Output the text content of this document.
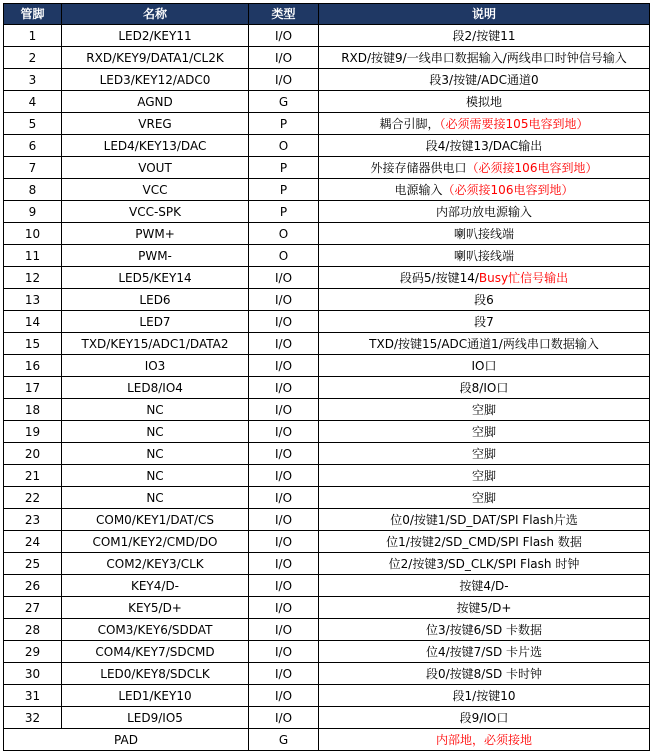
管脚	名称	类型	说明
1	LED2/KEY11	I/O	段2/按键11
2	RXD/KEY9/DATA1/CL2K	I/O	RXD/按键9/一线串口数据输入/两线串口时钟信号输入
3	LED3/KEY12/ADC0	I/O	段3/按键/ADC通道0
4	AGND	G	模拟地
5	VREG	P	耦合引脚，（必须需要接105电容到地）
6	LED4/KEY13/DAC	O	段4/按键13/DAC输出
7	VOUT	P	外接存储器供电口（必须接106电容到地）
8	VCC	P	电源输入（必须接106电容到地）
9	VCC-SPK	P	内部功放电源输入
10	PWM+	O	喇叭接线端
11	PWM-	O	喇叭接线端
12	LED5/KEY14	I/O	段码5/按键14/Busy忙信号输出
13	LED6	I/O	段6
14	LED7	I/O	段7
15	TXD/KEY15/ADC1/DATA2	I/O	TXD/按键15/ADC通道1/两线串口数据输入
16	IO3	I/O	IO口
17	LED8/IO4	I/O	段8/IO口
18	NC	I/O	空脚
19	NC	I/O	空脚
20	NC	I/O	空脚
21	NC	I/O	空脚
22	NC	I/O	空脚
23	COM0/KEY1/DAT/CS	I/O	位0/按键1/SD_DAT/SPI Flash片选
24	COM1/KEY2/CMD/DO	I/O	位1/按键2/SD_CMD/SPI Flash 数据
25	COM2/KEY3/CLK	I/O	位2/按键3/SD_CLK/SPI Flash 时钟
26	KEY4/D-	I/O	按键4/D-
27	KEY5/D+	I/O	按键5/D+
28	COM3/KEY6/SDDAT	I/O	位3/按键6/SD 卡数据
29	COM4/KEY7/SDCMD	I/O	位4/按键7/SD 卡片选
30	LED0/KEY8/SDCLK	I/O	段0/按键8/SD 卡时钟
31	LED1/KEY10	I/O	段1/按键10
32	LED9/IO5	I/O	段9/IO口
PAD		G	内部地，必须接地
